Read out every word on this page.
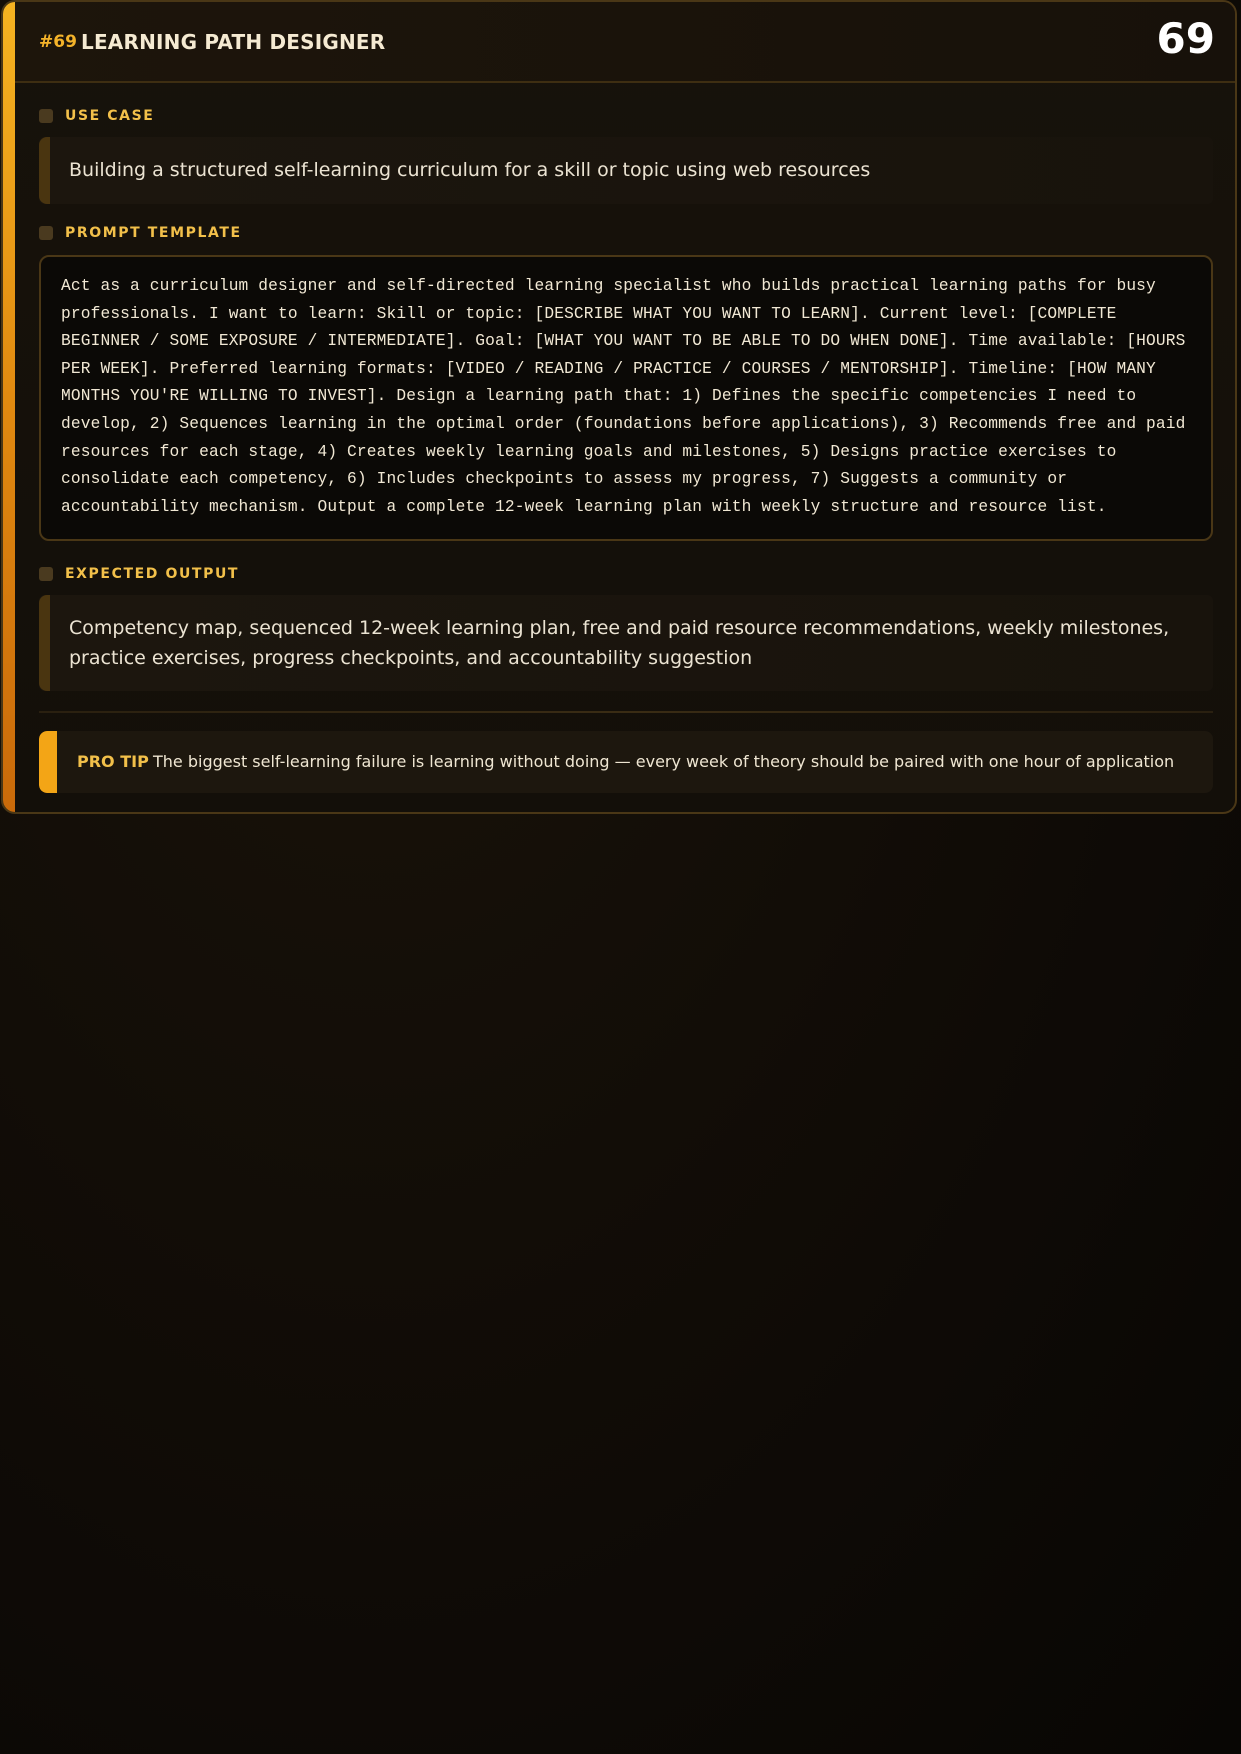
#69 LEARNING PATH DESIGNER	69
USE CASE
Building a structured self-learning curriculum for a skill or topic using web resources
PROMPT TEMPLATE
Act as a curriculum designer and self-directed learning specialist who builds practical learning paths for busy professionals. I want to learn: Skill or topic: [DESCRIBE WHAT YOU WANT TO LEARN]. Current level: [COMPLETE BEGINNER / SOME EXPOSURE / INTERMEDIATE]. Goal: [WHAT YOU WANT TO BE ABLE TO DO WHEN DONE]. Time available: [HOURS PER WEEK]. Preferred learning formats: [VIDEO / READING / PRACTICE / COURSES / MENTORSHIP]. Timeline: [HOW MANY MONTHS YOU'RE WILLING TO INVEST]. Design a learning path that: 1) Defines the specific competencies I need to develop, 2) Sequences learning in the optimal order (foundations before applications), 3) Recommends free and paid resources for each stage, 4) Creates weekly learning goals and milestones, 5) Designs practice exercises to consolidate each competency, 6) Includes checkpoints to assess my progress, 7) Suggests a community or accountability mechanism. Output a complete 12-week learning plan with weekly structure and resource list.
EXPECTED OUTPUT
Competency map, sequenced 12-week learning plan, free and paid resource recommendations, weekly milestones, practice exercises, progress checkpoints, and accountability suggestion
PRO TIP The biggest self-learning failure is learning without doing — every week of theory should be paired with one hour of application
